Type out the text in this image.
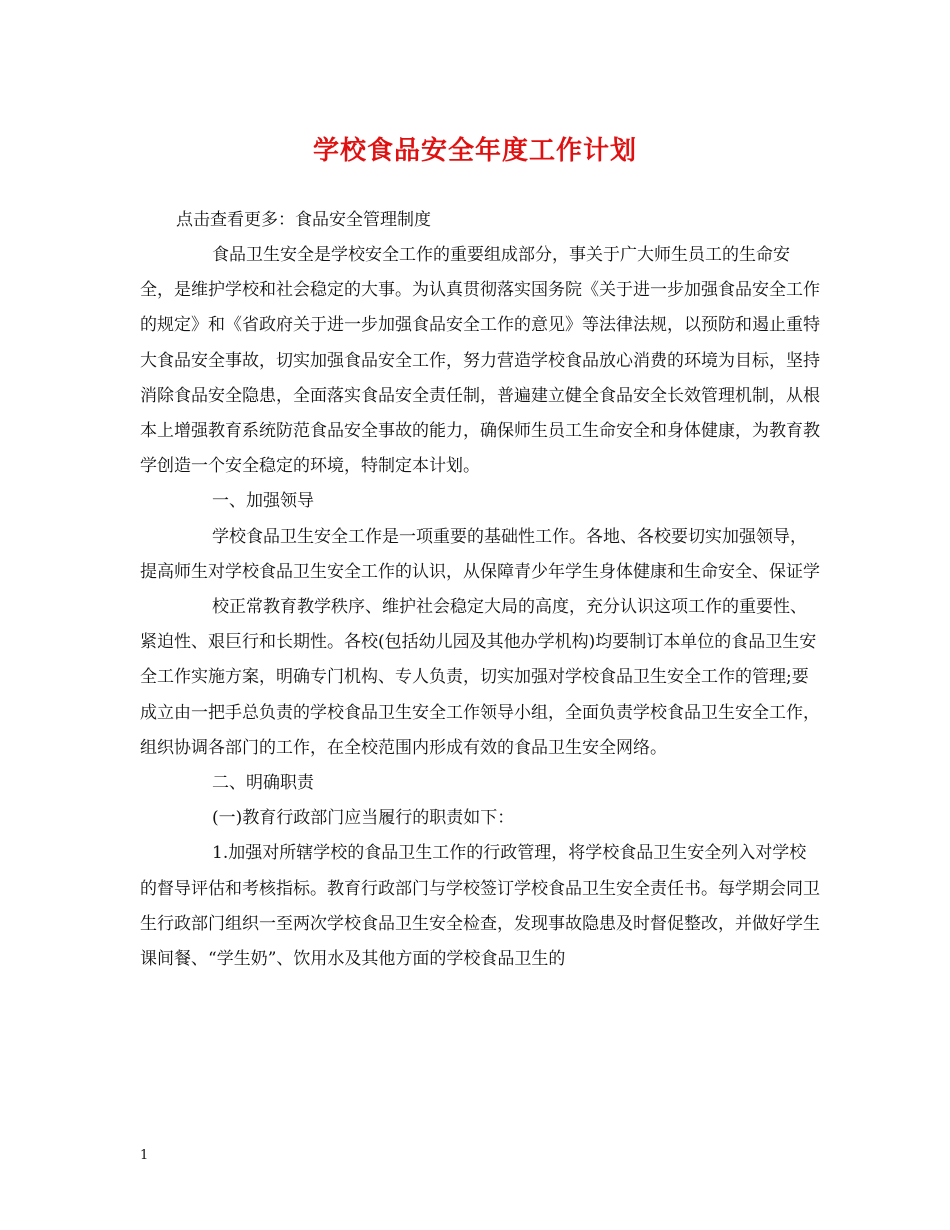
学校食品安全年度工作计划
点击查看更多：食品安全管理制度

食品卫生安全是学校安全工作的重要组成部分，事关于广大师生员工的生命安全，是维护学校和社会稳定的大事。为认真贯彻落实国务院《关于进一步加强食品安全工作的规定》和《省政府关于进一步加强食品安全工作的意见》等法律法规，以预防和遏止重特大食品安全事故，切实加强食品安全工作，努力营造学校食品放心消费的环境为目标，坚持消除食品安全隐患，全面落实食品安全责任制，普遍建立健全食品安全长效管理机制，从根本上增强教育系统防范食品安全事故的能力，确保师生员工生命安全和身体健康，为教育教学创造一个安全稳定的环境，特制定本计划。

一、加强领导

学校食品卫生安全工作是一项重要的基础性工作。各地、各校要切实加强领导，提高师生对学校食品卫生安全工作的认识，从保障青少年学生身体健康和生命安全、保证学

校正常教育教学秩序、维护社会稳定大局的高度，充分认识这项工作的重要性、紧迫性、艰巨行和长期性。各校(包括幼儿园及其他办学机构)均要制订本单位的食品卫生安全工作实施方案，明确专门机构、专人负责，切实加强对学校食品卫生安全工作的管理;要成立由一把手总负责的学校食品卫生安全工作领导小组，全面负责学校食品卫生安全工作，组织协调各部门的工作，在全校范围内形成有效的食品卫生安全网络。

二、明确职责

(一)教育行政部门应当履行的职责如下：

1.加强对所辖学校的食品卫生工作的行政管理，将学校食品卫生安全列入对学校的督导评估和考核指标。教育行政部门与学校签订学校食品卫生安全责任书。每学期会同卫生行政部门组织一至两次学校食品卫生安全检查，发现事故隐患及时督促整改，并做好学生课间餐、“学生奶”、饮用水及其他方面的学校食品卫生的

1
